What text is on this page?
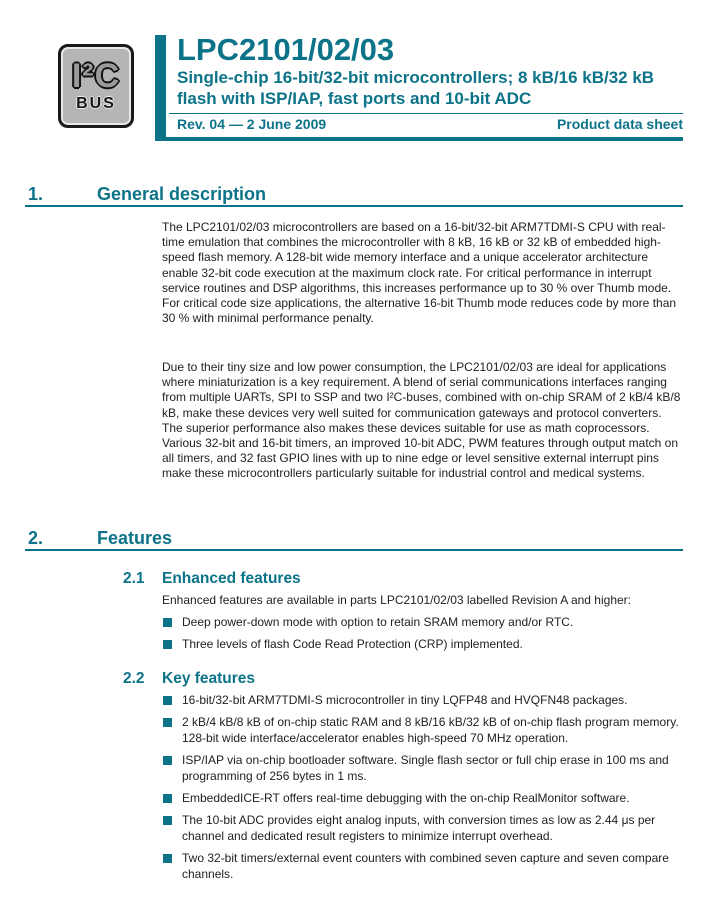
I²C
BUS
LPC2101/02/03
Single-chip 16-bit/32-bit microcontrollers; 8 kB/16 kB/32 kB
flash with ISP/IAP, fast ports and 10-bit ADC
Rev. 04 — 2 June 2009	Product data sheet
1.	General description

The LPC2101/02/03 microcontrollers are based on a 16-bit/32-bit ARM7TDMI-S CPU with real-time emulation that combines the microcontroller with 8 kB, 16 kB or 32 kB of embedded high-speed flash memory. A 128-bit wide memory interface and a unique accelerator architecture enable 32-bit code execution at the maximum clock rate. For critical performance in interrupt service routines and DSP algorithms, this increases performance up to 30 % over Thumb mode. For critical code size applications, the alternative 16-bit Thumb mode reduces code by more than 30 % with minimal performance penalty.

Due to their tiny size and low power consumption, the LPC2101/02/03 are ideal for applications where miniaturization is a key requirement. A blend of serial communications interfaces ranging from multiple UARTs, SPI to SSP and two I²C-buses, combined with on-chip SRAM of 2 kB/4 kB/8 kB, make these devices very well suited for communication gateways and protocol converters. The superior performance also makes these devices suitable for use as math coprocessors. Various 32-bit and 16-bit timers, an improved 10-bit ADC, PWM features through output match on all timers, and 32 fast GPIO lines with up to nine edge or level sensitive external interrupt pins make these microcontrollers particularly suitable for industrial control and medical systems.

2.	Features
2.1 Enhanced features

Enhanced features are available in parts LPC2101/02/03 labelled Revision A and higher:

Deep power-down mode with option to retain SRAM memory and/or RTC.
Three levels of flash Code Read Protection (CRP) implemented.
2.2 Key features
16-bit/32-bit ARM7TDMI-S microcontroller in tiny LQFP48 and HVQFN48 packages.
2 kB/4 kB/8 kB of on-chip static RAM and 8 kB/16 kB/32 kB of on-chip flash program memory. 128-bit wide interface/accelerator enables high-speed 70 MHz operation.
ISP/IAP via on-chip bootloader software. Single flash sector or full chip erase in 100 ms and programming of 256 bytes in 1 ms.
EmbeddedICE-RT offers real-time debugging with the on-chip RealMonitor software.
The 10-bit ADC provides eight analog inputs, with conversion times as low as 2.44 μs per channel and dedicated result registers to minimize interrupt overhead.
Two 32-bit timers/external event counters with combined seven capture and seven compare channels.
